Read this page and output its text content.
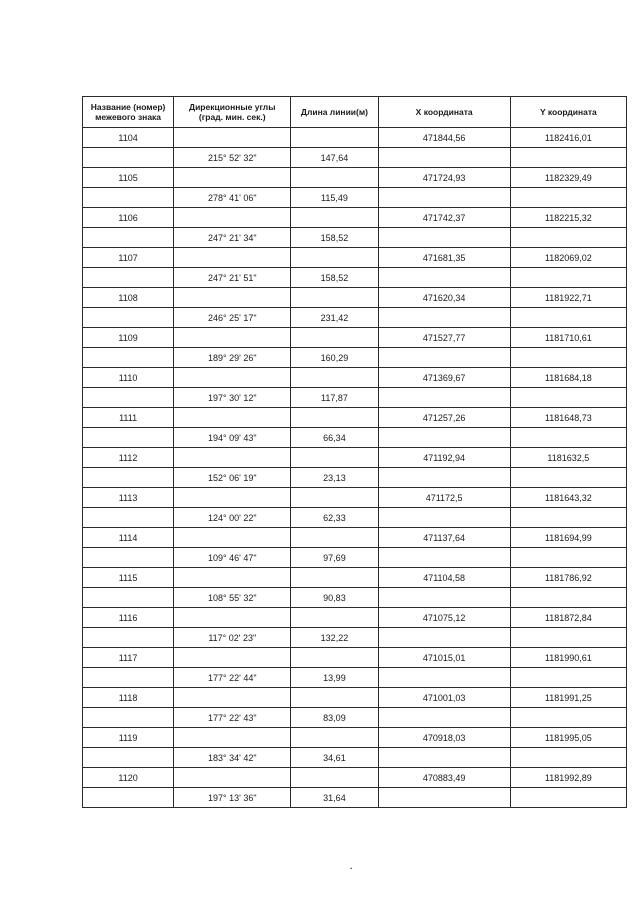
Название (номер)
межевого знака	Дирекционные углы
(град. мин. сек.)	Длина линии(м)	X координата	Y координата

1104			471844,56	1182416,01
	215° 52' 32"	147,64		
1105			471724,93	1182329,49
	278° 41' 06"	115,49		
1106			471742,37	1182215,32
	247° 21' 34"	158,52		
1107			471681,35	1182069,02
	247° 21' 51"	158,52		
1108			471620,34	1181922,71
	246° 25' 17"	231,42		
1109			471527,77	1181710,61
	189° 29' 26"	160,29		
1110			471369,67	1181684,18
	197° 30' 12"	117,87		
1111			471257,26	1181648,73
	194° 09' 43"	66,34		
1112			471192,94	1181632,5
	152° 06' 19"	23,13		
1113			471172,5	1181643,32
	124° 00' 22"	62,33		
1114			471137,64	1181694,99
	109° 46' 47"	97,69		
1115			471104,58	1181786,92
	108° 55' 32"	90,83		
1116			471075,12	1181872,84
	117° 02' 23"	132,22		
1117			471015,01	1181990,61
	177° 22' 44"	13,99		
1118			471001,03	1181991,25
	177° 22' 43"	83,09		
1119			470918,03	1181995,05
	183° 34' 42"	34,61		
1120			470883,49	1181992,89
	197° 13' 36"	31,64		
·
